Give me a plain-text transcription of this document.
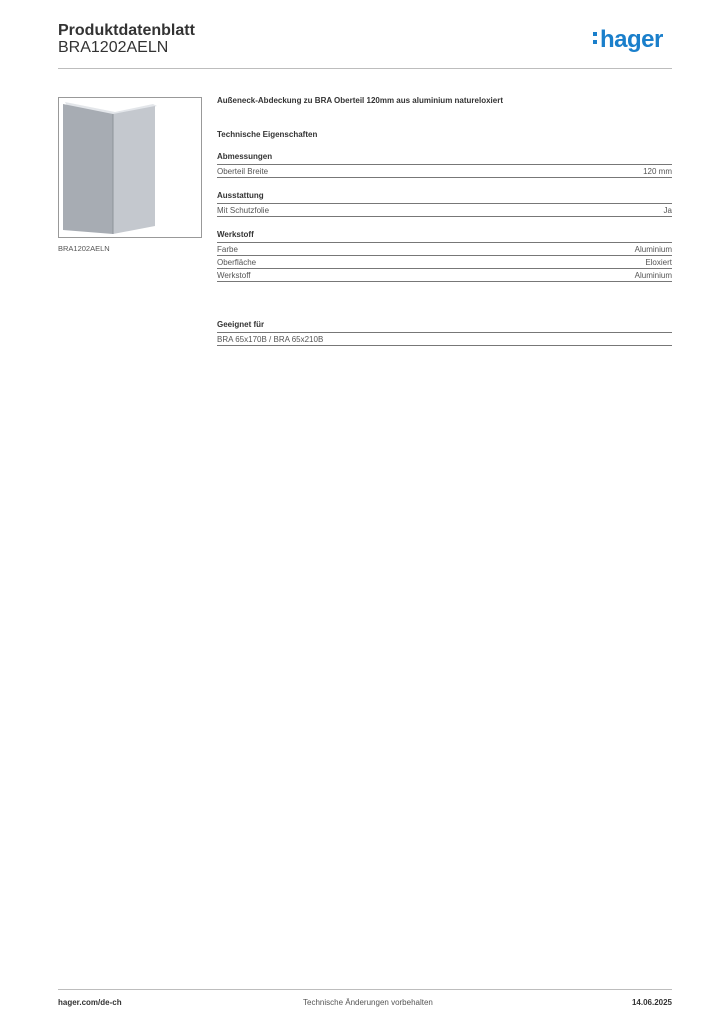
Produktdatenblatt
BRA1202AELN	hager
BRA1202AELN

Außeneck-Abdeckung zu BRA Oberteil 120mm aus aluminium natureloxiert

Technische Eigenschaften
Abmessungen
Oberteil Breite	120 mm
Ausstattung
Mit Schutzfolie	Ja
Werkstoff
Farbe	Aluminium
Oberfläche	Eloxiert
Werkstoff	Aluminium
Geeignet für
BRA 65x170B / BRA 65x210B
hager.com/de-ch	Technische Änderungen vorbehalten	14.06.2025
